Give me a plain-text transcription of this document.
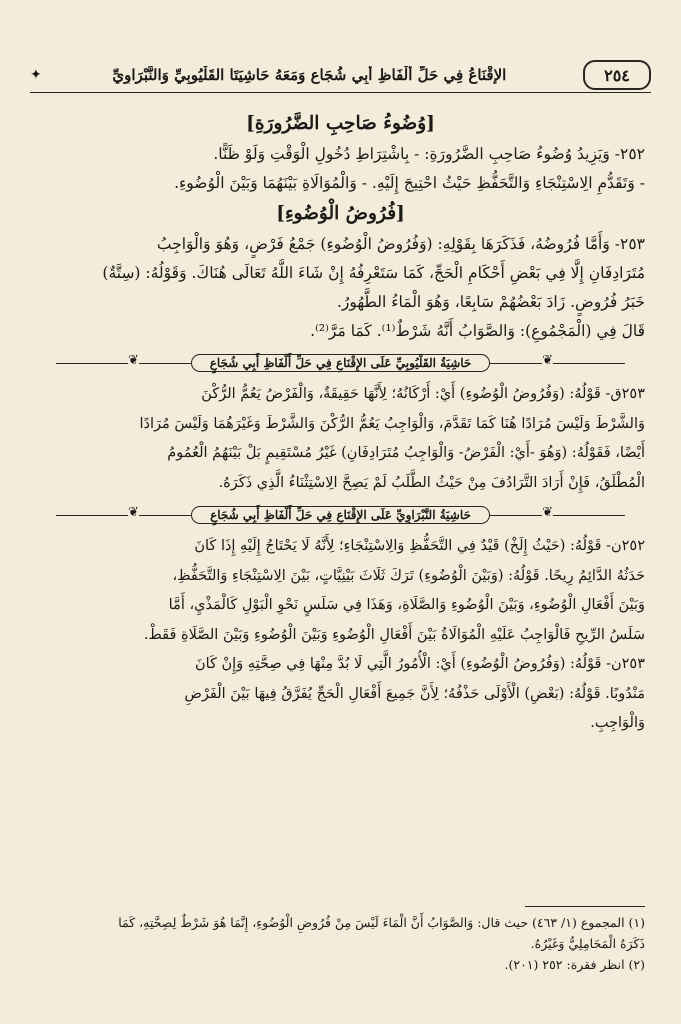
٢٥٤
الإِقْنَاعُ فِي حَلِّ أَلْفَاظِ أَبِي شُجَاعٍ وَمَعَهُ حَاشِيَتَا القَلْيُوبِيِّ وَالنَّبْرَاوِيِّ
✦
[وُضُوءُ صَاحِبِ الضَّرُورَةِ]
٢٥٢- وَيَزِيدُ وُضُوءُ صَاحِبِ الضَّرُورَةِ: - بِاشْتِرَاطِ دُخُولِ الْوَقْتِ وَلَوْ ظَنًّا.
- وَتَقَدُّمِ الِاسْتِنْجَاءِ وَالتَّحَفُّظِ حَيْثُ احْتِيجَ إِلَيْهِ. - وَالْمُوَالَاةِ بَيْنَهُمَا وَبَيْنَ الْوُضُوءِ.
[فُرُوضُ الْوُضُوءِ]
٢٥٣- وَأَمَّا فُرُوضُهُ، فَذَكَرَهَا بِقَوْلِهِ: (وَفُرُوضُ الْوُضُوءِ) جَمْعُ فَرْضٍ، وَهُوَ وَالْوَاجِبُ
مُتَرَادِفَانِ إِلَّا فِي بَعْضِ أَحْكَامِ الْحَجِّ، كَمَا سَتَعْرِفُهُ إِنْ شَاءَ اللَّهُ تَعَالَى هُنَاكَ. وَقَوْلُهُ: (سِتَّةٌ)
خَبَرُ فُرُوضٍ. زَادَ بَعْضُهُمْ سَابِعًا، وَهُوَ الْمَاءُ الطَّهُورُ.
قَالَ فِي (الْمَجْمُوعِ): وَالصَّوَابُ أَنَّهُ شَرْطٌ⁽¹⁾. كَمَا مَرَّ⁽²⁾.
❦
حَاشِيَةُ القَلْيُوبِيِّ عَلَى الإِقْنَاعِ فِي حَلِّ أَلْفَاظِ أَبِي شُجَاعٍ
❦
٢٥٣ق- قَوْلُهُ: (وَفُرُوضُ الْوُضُوءِ) أَيْ: أَرْكَانُهُ؛ لِأَنَّهَا حَقِيقَةٌ، وَالْفَرْضُ يَعُمُّ الرُّكْنَ
وَالشَّرْطَ وَلَيْسَ مُرَادًا هُنَا كَمَا تَقَدَّمَ، وَالْوَاجِبُ يَعُمُّ الرُّكْنَ وَالشَّرْطَ وَغَيْرَهُمَا وَلَيْسَ مُرَادًا
أَيْضًا، فَقَوْلُهُ: (وَهُوَ -أَيْ: الْفَرْضُ- وَالْوَاجِبُ مُتَرَادِفَانِ) غَيْرُ مُسْتَقِيمٍ بَلْ بَيْنَهُمُ الْعُمُومُ
الْمُطْلَقُ، فَإِنْ أَرَادَ التَّرَادُفَ مِنْ حَيْثُ الطَّلَبُ لَمْ يَصِحَّ الِاسْتِثْنَاءُ الَّذِي ذَكَرَهُ.
❦
حَاشِيَةُ النَّبْرَاوِيِّ عَلَى الإِقْنَاعِ فِي حَلِّ أَلْفَاظِ أَبِي شُجَاعٍ
❦
٢٥٢ن- قَوْلُهُ: (حَيْثُ إِلَخْ) قَيْدٌ فِي التَّحَفُّظِ وَالِاسْتِنْجَاءِ؛ لِأَنَّهُ لَا يَحْتَاجُ إِلَيْهِ إِذَا كَانَ
حَدَثُهُ الدَّائِمُ رِيحًا. قَوْلُهُ: (وَبَيْنَ الْوُضُوءِ) تَرَكَ ثَلَاثَ بَيْنِيَّاتٍ، بَيْنَ الِاسْتِنْجَاءِ وَالتَّحَفُّظِ،
وَبَيْنَ أَفْعَالِ الْوُضُوءِ، وَبَيْنَ الْوُضُوءِ وَالصَّلَاةِ، وَهَذَا فِي سَلَسٍ نَحْوِ الْبَوْلِ كَالْمَذْيِ، أَمَّا
سَلَسُ الرِّيحِ فَالْوَاجِبُ عَلَيْهِ الْمُوَالَاةُ بَيْنَ أَفْعَالِ الْوُضُوءِ وَبَيْنَ الْوُضُوءِ وَبَيْنَ الصَّلَاةِ فَقَطْ.
٢٥٣ن- قَوْلُهُ: (وَفُرُوضُ الْوُضُوءِ) أَيْ: الْأُمُورُ الَّتِي لَا بُدَّ مِنْهَا فِي صِحَّتِهِ وَإِنْ كَانَ
مَنْدُوبًا. قَوْلُهُ: (بَعْضِ) الْأَوْلَى حَذْفُهُ؛ لِأَنَّ جَمِيعَ أَفْعَالِ الْحَجِّ يُفَرَّقُ فِيهَا بَيْنَ الْفَرْضِ
وَالْوَاجِبِ.
(١) المجموع (١/ ٤٦٣) حيث قال: وَالصَّوَابُ أَنَّ الْمَاءَ لَيْسَ مِنْ فُرُوضِ الْوُضُوءِ، إِنَّمَا هُوَ شَرْطٌ لِصِحَّتِهِ، كَمَا
ذَكَرَهُ الْمَحَامِلِيُّ وَغَيْرُهُ.
(٢) انظر فقرة: ٢٥٢ (٢٠١).
